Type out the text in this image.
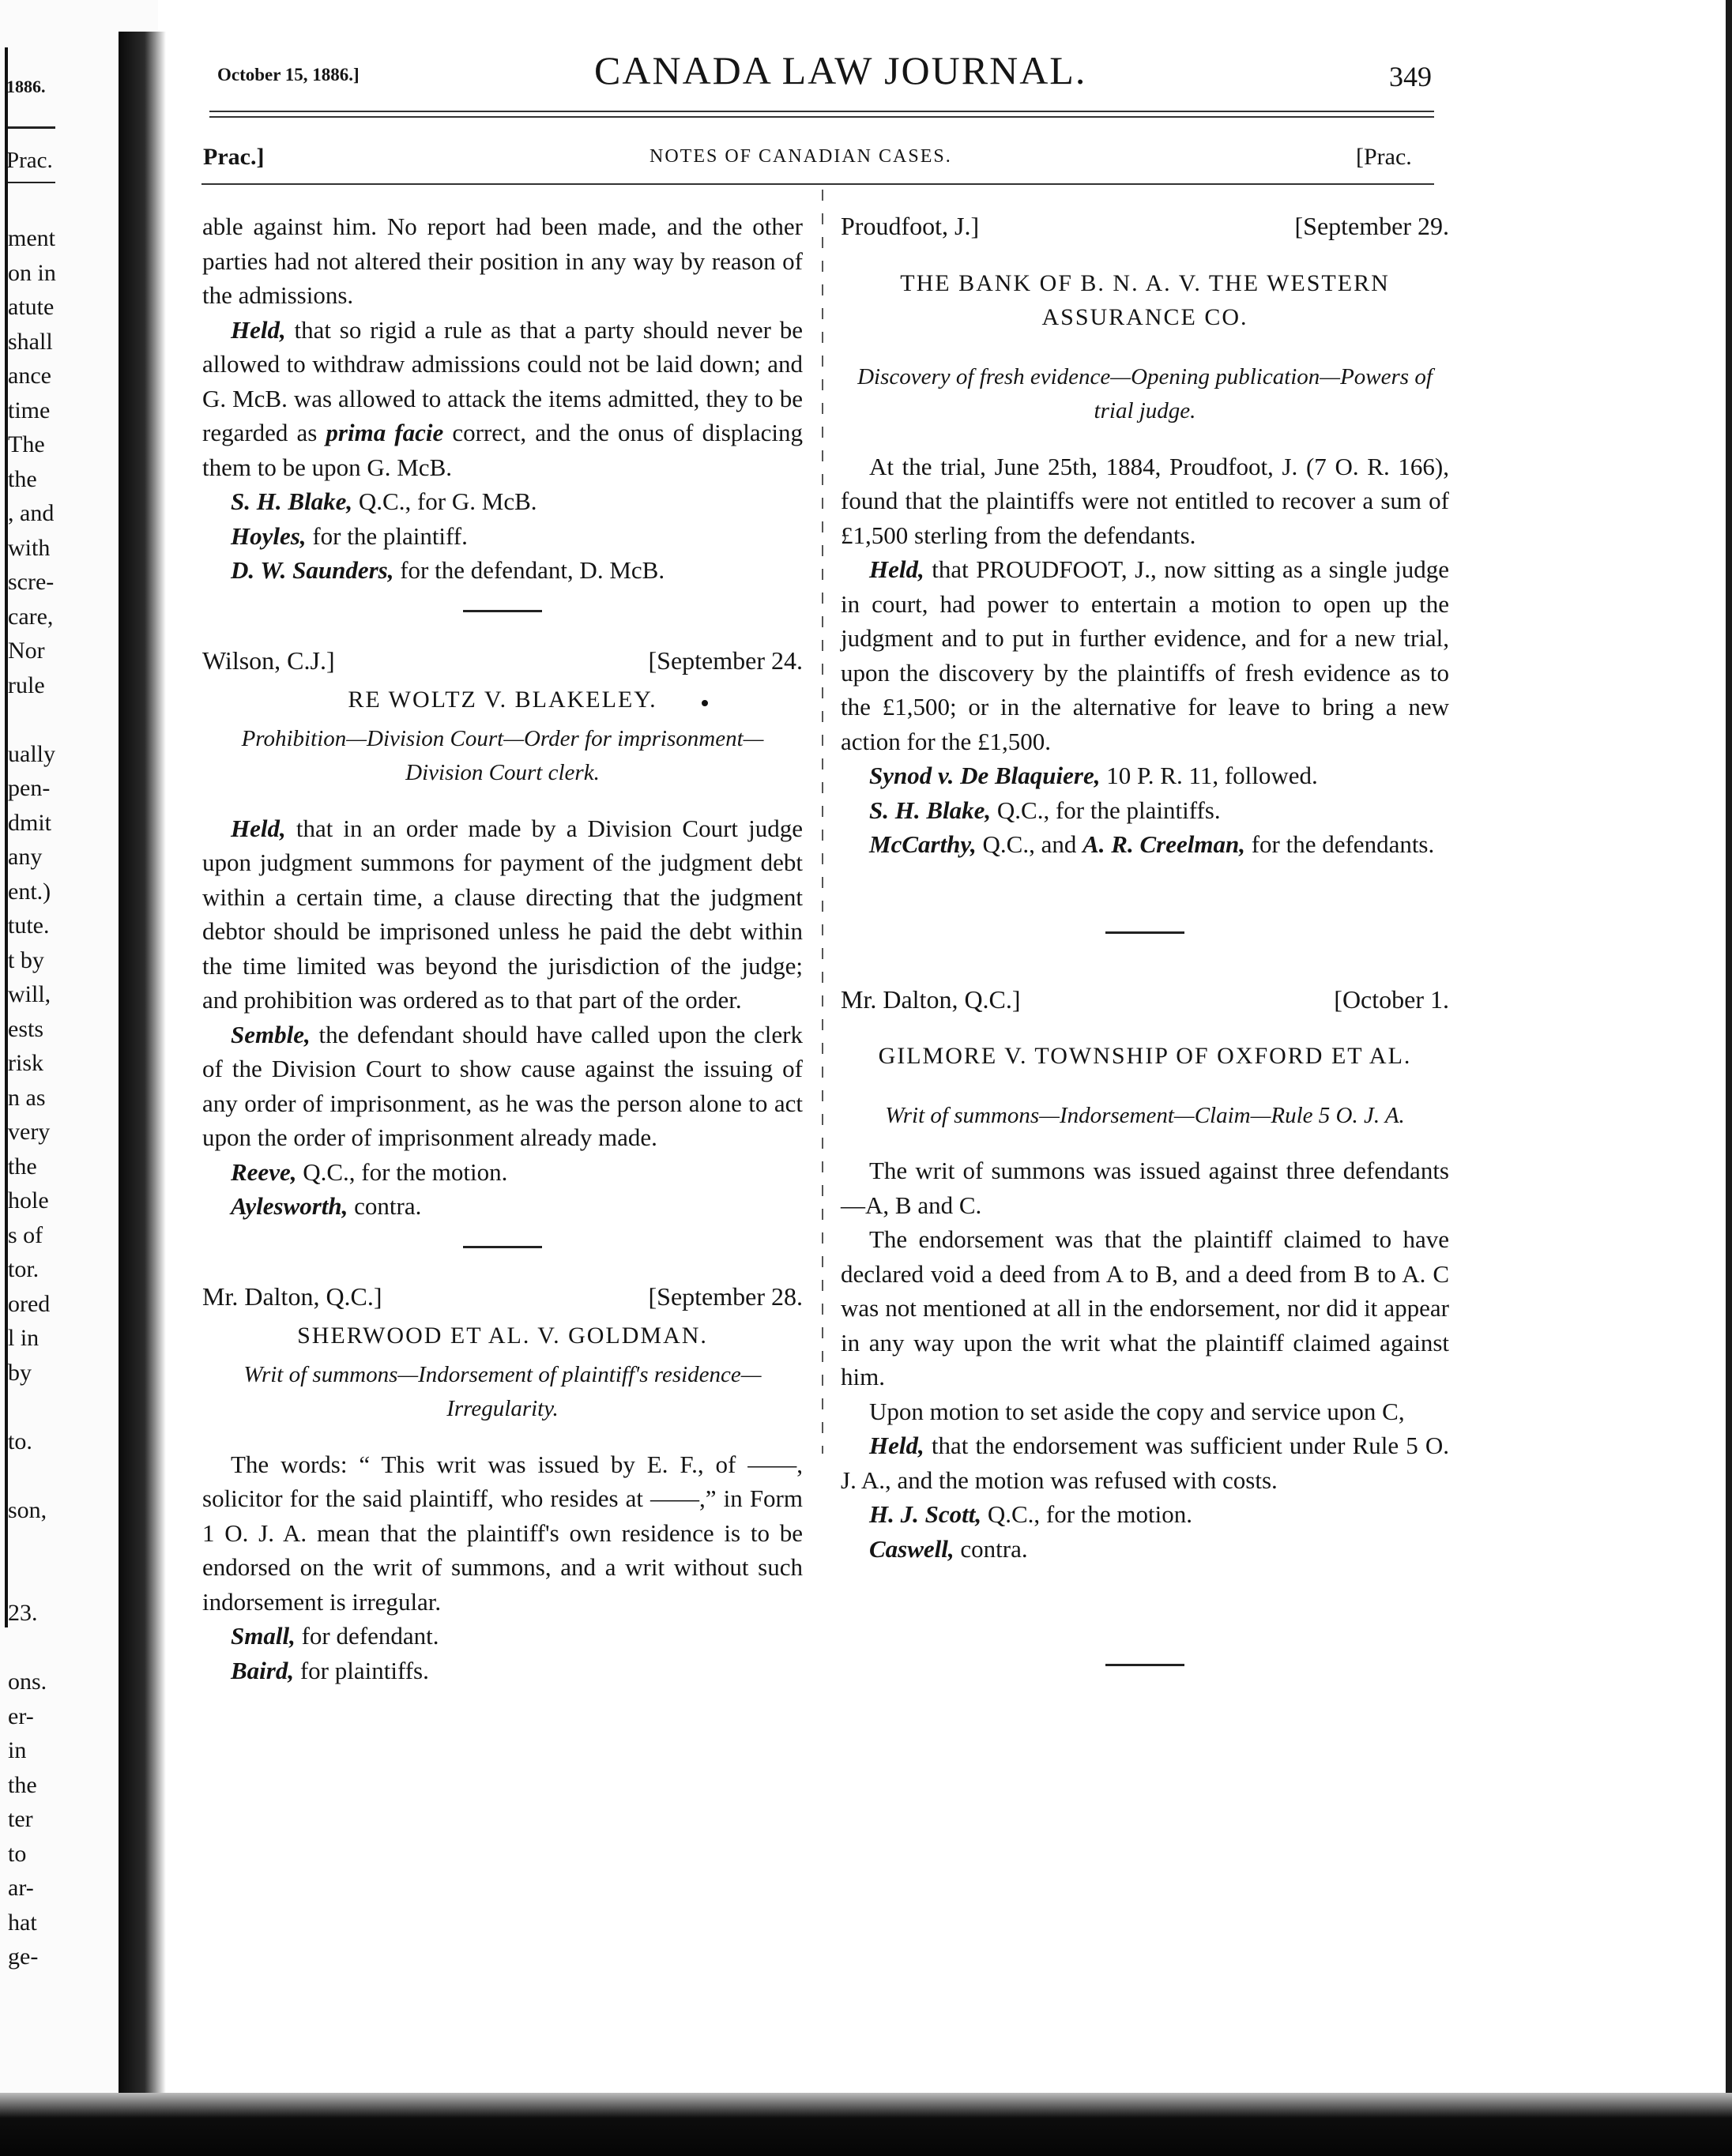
1886.
Prac.
ment
on in
atute
shall
ance
time
The
the
, and
with
scre-
care,
Nor
rule
ually
pen-
dmit
any
ent.)
tute.
t by
will,
ests
risk
n as
very
the
hole
s of
tor.
ored
l in
by
to.
son,
23.
ons.
er-
in
the
ter
to
ar-
hat
ge-
October 15, 1886.]	CANADA LAW JOURNAL.	349
Prac.]	NOTES OF CANADIAN CASES.	[Prac.

able against him. No report had been made, and the other parties had not altered their position in any way by reason of the admissions.

Held, that so rigid a rule as that a party should never be allowed to withdraw admissions could not be laid down; and G. McB. was allowed to attack the items admitted, they to be regarded as prima facie correct, and the onus of displacing them to be upon G. McB.

S. H. Blake, Q.C., for G. McB.

Hoyles, for the plaintiff.

D. W. Saunders, for the defendant, D. McB.

Wilson, C.J.]	[September 24.

RE WOLTZ V. BLAKELEY.

Prohibition—Division Court—Order for imprisonment—Division Court clerk.

Held, that in an order made by a Division Court judge upon judgment summons for payment of the judgment debt within a certain time, a clause directing that the judgment debtor should be imprisoned unless he paid the debt within the time limited was beyond the jurisdiction of the judge; and prohibition was ordered as to that part of the order.

Semble, the defendant should have called upon the clerk of the Division Court to show cause against the issuing of any order of imprisonment, as he was the person alone to act upon the order of imprisonment already made.

Reeve, Q.C., for the motion.

Aylesworth, contra.

Mr. Dalton, Q.C.]	[September 28.

SHERWOOD ET AL. V. GOLDMAN.

Writ of summons—Indorsement of plaintiff's residence—Irregularity.

The words: “ This writ was issued by E. F., of ——, solicitor for the said plaintiff, who resides at ——,” in Form 1 O. J. A. mean that the plaintiff's own residence is to be endorsed on the writ of summons, and a writ without such indorsement is irregular.

Small, for defendant.

Baird, for plaintiffs.

Proudfoot, J.]	[September 29.

THE BANK OF B. N. A. V. THE WESTERN ASSURANCE CO.

Discovery of fresh evidence—Opening publication—Powers of trial judge.

At the trial, June 25th, 1884, Proudfoot, J. (7 O. R. 166), found that the plaintiffs were not entitled to recover a sum of £1,500 sterling from the defendants.

Held, that PROUDFOOT, J., now sitting as a single judge in court, had power to entertain a motion to open up the judgment and to put in further evidence, and for a new trial, upon the discovery by the plaintiffs of fresh evidence as to the £1,500; or in the alternative for leave to bring a new action for the £1,500.

Synod v. De Blaquiere, 10 P. R. 11, followed.

S. H. Blake, Q.C., for the plaintiffs.

McCarthy, Q.C., and A. R. Creelman, for the defendants.

Mr. Dalton, Q.C.]	[October 1.

GILMORE V. TOWNSHIP OF OXFORD ET AL.

Writ of summons—Indorsement—Claim—Rule 5 O. J. A.

The writ of summons was issued against three defendants—A, B and C.

The endorsement was that the plaintiff claimed to have declared void a deed from A to B, and a deed from B to A. C was not mentioned at all in the endorsement, nor did it appear in any way upon the writ what the plaintiff claimed against him.

Upon motion to set aside the copy and service upon C,

Held, that the endorsement was sufficient under Rule 5 O. J. A., and the motion was refused with costs.

H. J. Scott, Q.C., for the motion.

Caswell, contra.
